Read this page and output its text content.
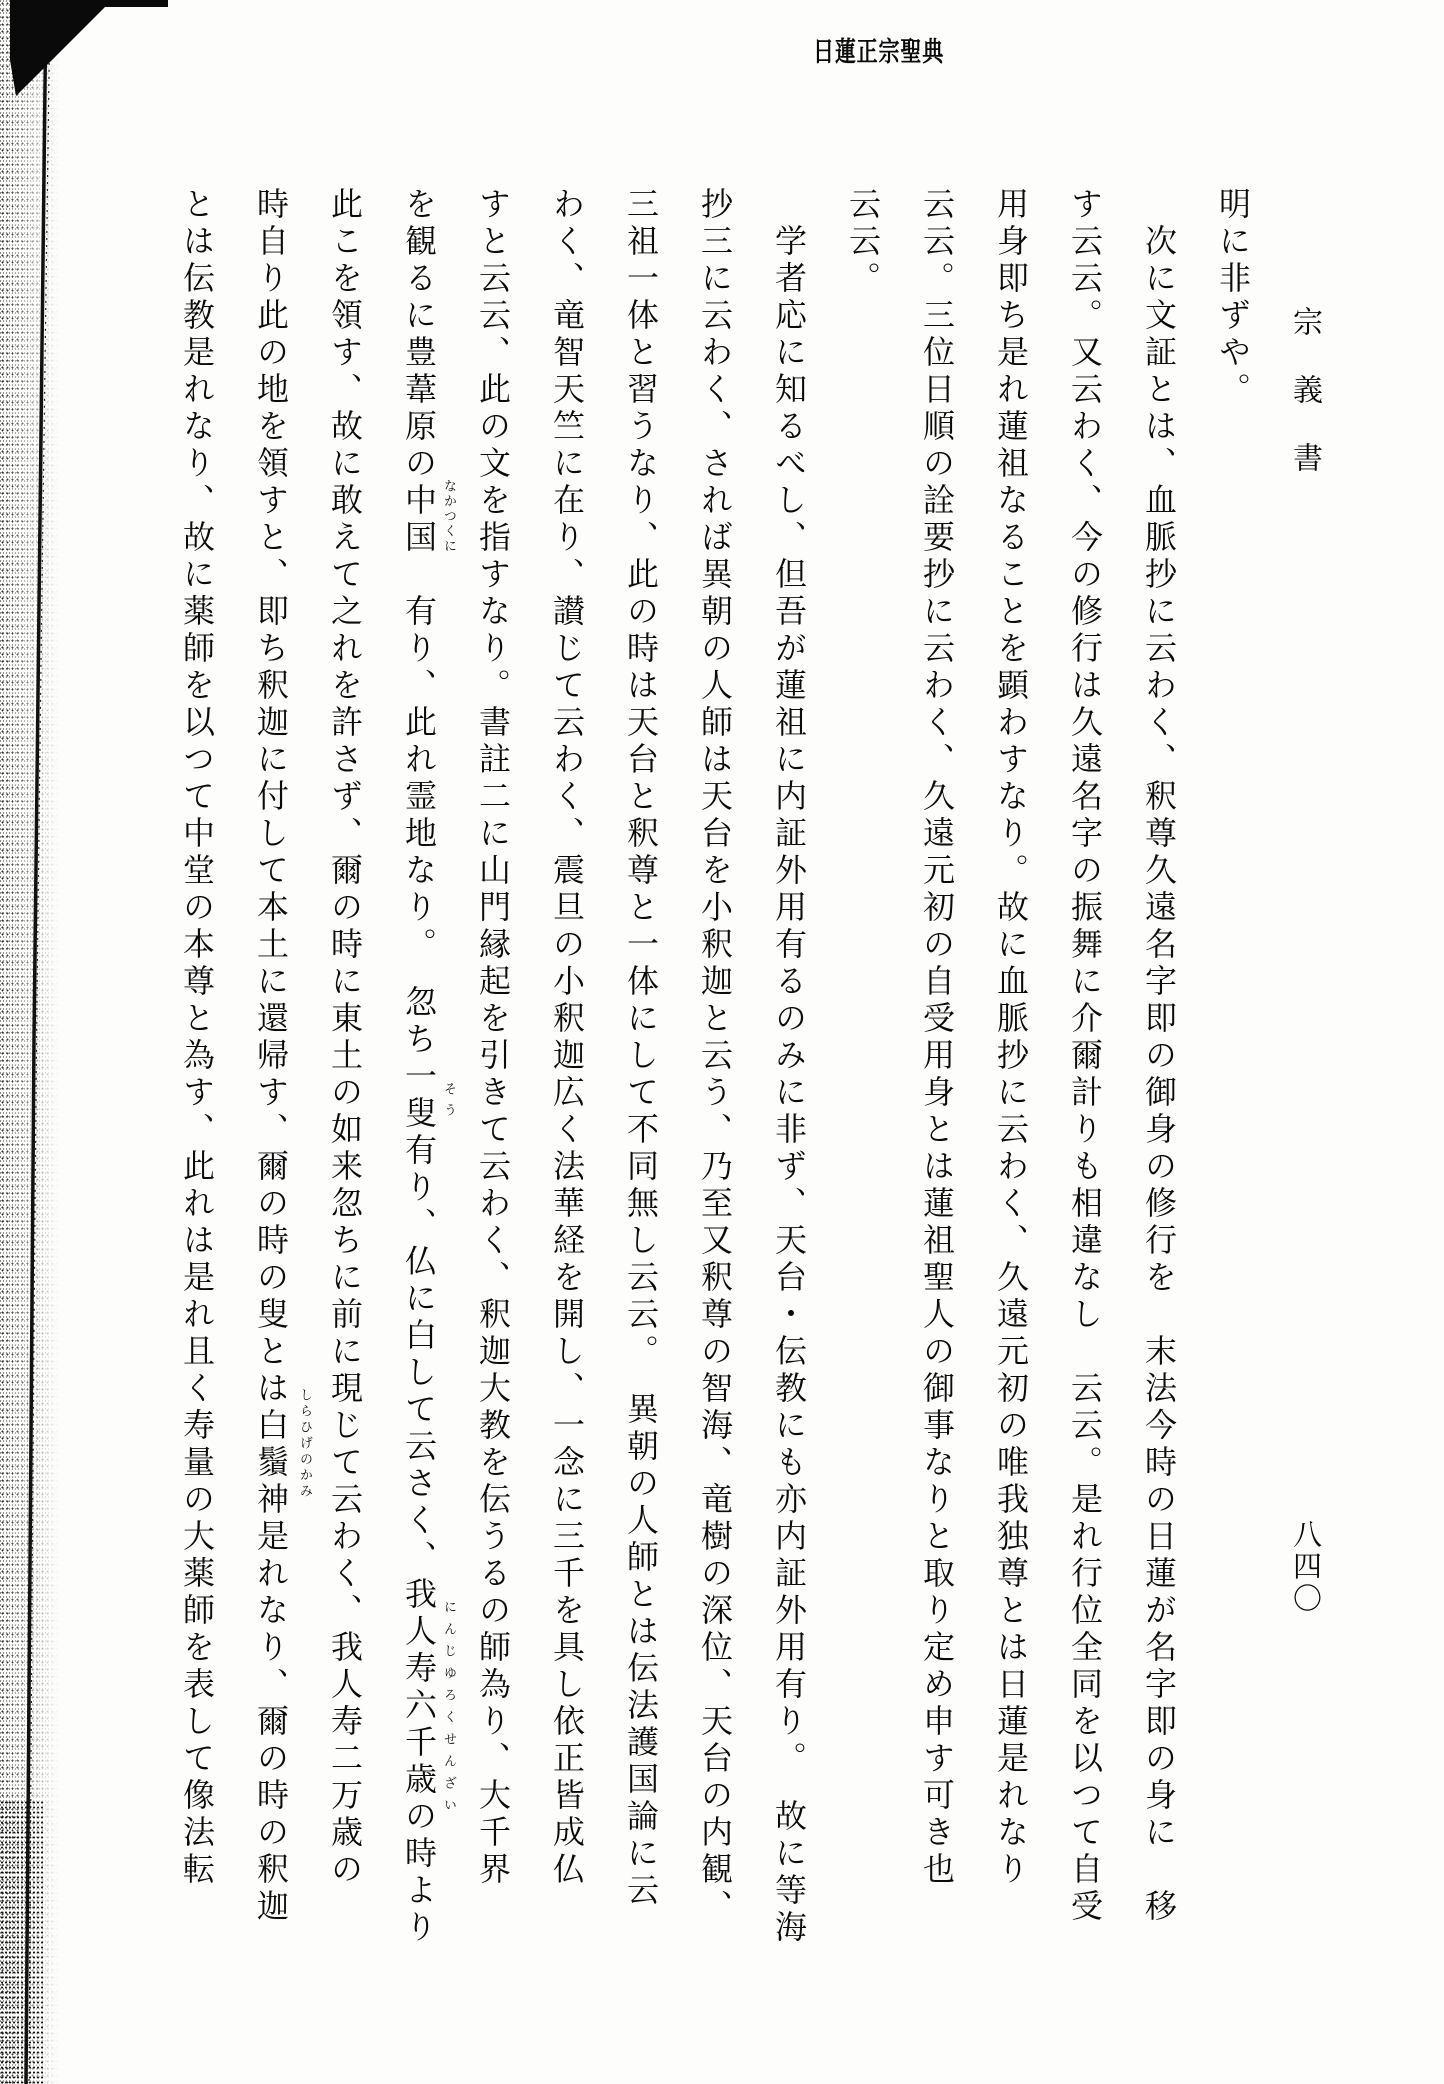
日蓮正宗聖典
宗義書
八四〇
明に非ずや。
　次に文証とは、血脈抄に云わく、釈尊久遠名字即の御身の修行を　末法今時の日蓮が名字即の身に　移
す云云。又云わく、今の修行は久遠名字の振舞に介爾計りも相違なし　云云。是れ行位全同を以つて自受
用身即ち是れ蓮祖なることを顕わすなり。故に血脈抄に云わく、久遠元初の唯我独尊とは日蓮是れなり
云云。三位日順の詮要抄に云わく、久遠元初の自受用身とは蓮祖聖人の御事なりと取り定め申す可き也
云云。
　学者応に知るべし、但吾が蓮祖に内証外用有るのみに非ず、天台・伝教にも亦内証外用有り。　故に等海
抄三に云わく、されば異朝の人師は天台を小釈迦と云う、乃至又釈尊の智海、竜樹の深位、天台の内観、
三祖一体と習うなり、此の時は天台と釈尊と一体にして不同無し云云。　異朝の人師とは伝法護国論に云
わく、竜智天竺に在り、讃じて云わく、震旦の小釈迦広く法華経を開し、一念に三千を具し依正皆成仏
すと云云、此の文を指すなり。書註二に山門縁起を引きて云わく、釈迦大教を伝うるの師為り、大千界
を観るに豊葦原の中国　有り、此れ霊地なり。　忽ち一叟有り、仏に白して云さく、我人寿六千歳の時より
此こを領す、故に敢えて之れを許さず、爾の時に東土の如来忽ちに前に現じて云わく、我人寿二万歳の
時自り此の地を領すと、即ち釈迦に付して本土に還帰す、爾の時の叟とは白鬚神是れなり、爾の時の釈迦
とは伝教是れなり、故に薬師を以つて中堂の本尊と為す、此れは是れ且く寿量の大薬師を表して像法転	なかつくに
そう
にんじゆろくせんざい
しらひげのかみ
